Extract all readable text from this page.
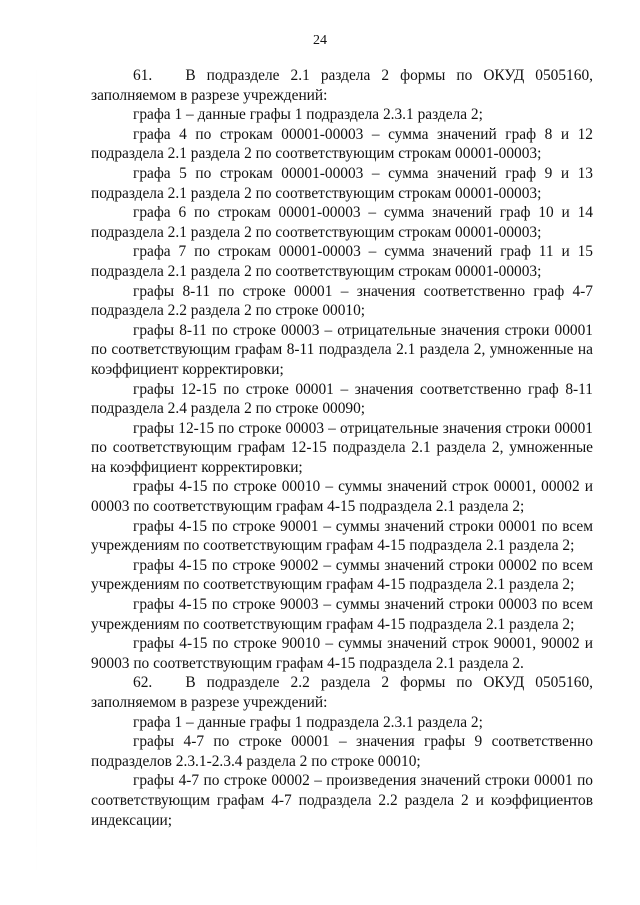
24

61.   В подразделе 2.1 раздела 2 формы по ОКУД 0505160, заполняемом в разрезе учреждений:

графа 1 – данные графы 1 подраздела 2.3.1 раздела 2;

графа 4 по строкам 00001-00003 – сумма значений граф 8 и 12 подраздела 2.1 раздела 2 по соответствующим строкам 00001-00003;

графа 5 по строкам 00001-00003 – сумма значений граф 9 и 13 подраздела 2.1 раздела 2 по соответствующим строкам 00001-00003;

графа 6 по строкам 00001-00003 – сумма значений граф 10 и 14 подраздела 2.1 раздела 2 по соответствующим строкам 00001-00003;

графа 7 по строкам 00001-00003 – сумма значений граф 11 и 15 подраздела 2.1 раздела 2 по соответствующим строкам 00001-00003;

графы 8-11 по строке 00001 – значения соответственно граф 4-7 подраздела 2.2 раздела 2 по строке 00010;

графы 8-11 по строке 00003 – отрицательные значения строки 00001 по соответствующим графам 8-11 подраздела 2.1 раздела 2, умноженные на коэффициент корректировки;

графы 12-15 по строке 00001 – значения соответственно граф 8-11 подраздела 2.4 раздела 2 по строке 00090;

графы 12-15 по строке 00003 – отрицательные значения строки 00001 по соответствующим графам 12-15 подраздела 2.1 раздела 2, умноженные на коэффициент корректировки;

графы 4-15 по строке 00010 – суммы значений строк 00001, 00002 и 00003 по соответствующим графам 4-15 подраздела 2.1 раздела 2;

графы 4-15 по строке 90001 – суммы значений строки 00001 по всем учреждениям по соответствующим графам 4-15 подраздела 2.1 раздела 2;

графы 4-15 по строке 90002 – суммы значений строки 00002 по всем учреждениям по соответствующим графам 4-15 подраздела 2.1 раздела 2;

графы 4-15 по строке 90003 – суммы значений строки 00003 по всем учреждениям по соответствующим графам 4-15 подраздела 2.1 раздела 2;

графы 4-15 по строке 90010 – суммы значений строк 90001, 90002 и 90003 по соответствующим графам 4-15 подраздела 2.1 раздела 2.

62.   В подразделе 2.2 раздела 2 формы по ОКУД 0505160, заполняемом в разрезе учреждений:

графа 1 – данные графы 1 подраздела 2.3.1 раздела 2;

графы 4-7 по строке 00001 – значения графы 9 соответственно подразделов 2.3.1-2.3.4 раздела 2 по строке 00010;

графы 4-7 по строке 00002 – произведения значений строки 00001 по соответствующим графам 4-7 подраздела 2.2 раздела 2 и коэффициентов индексации;
